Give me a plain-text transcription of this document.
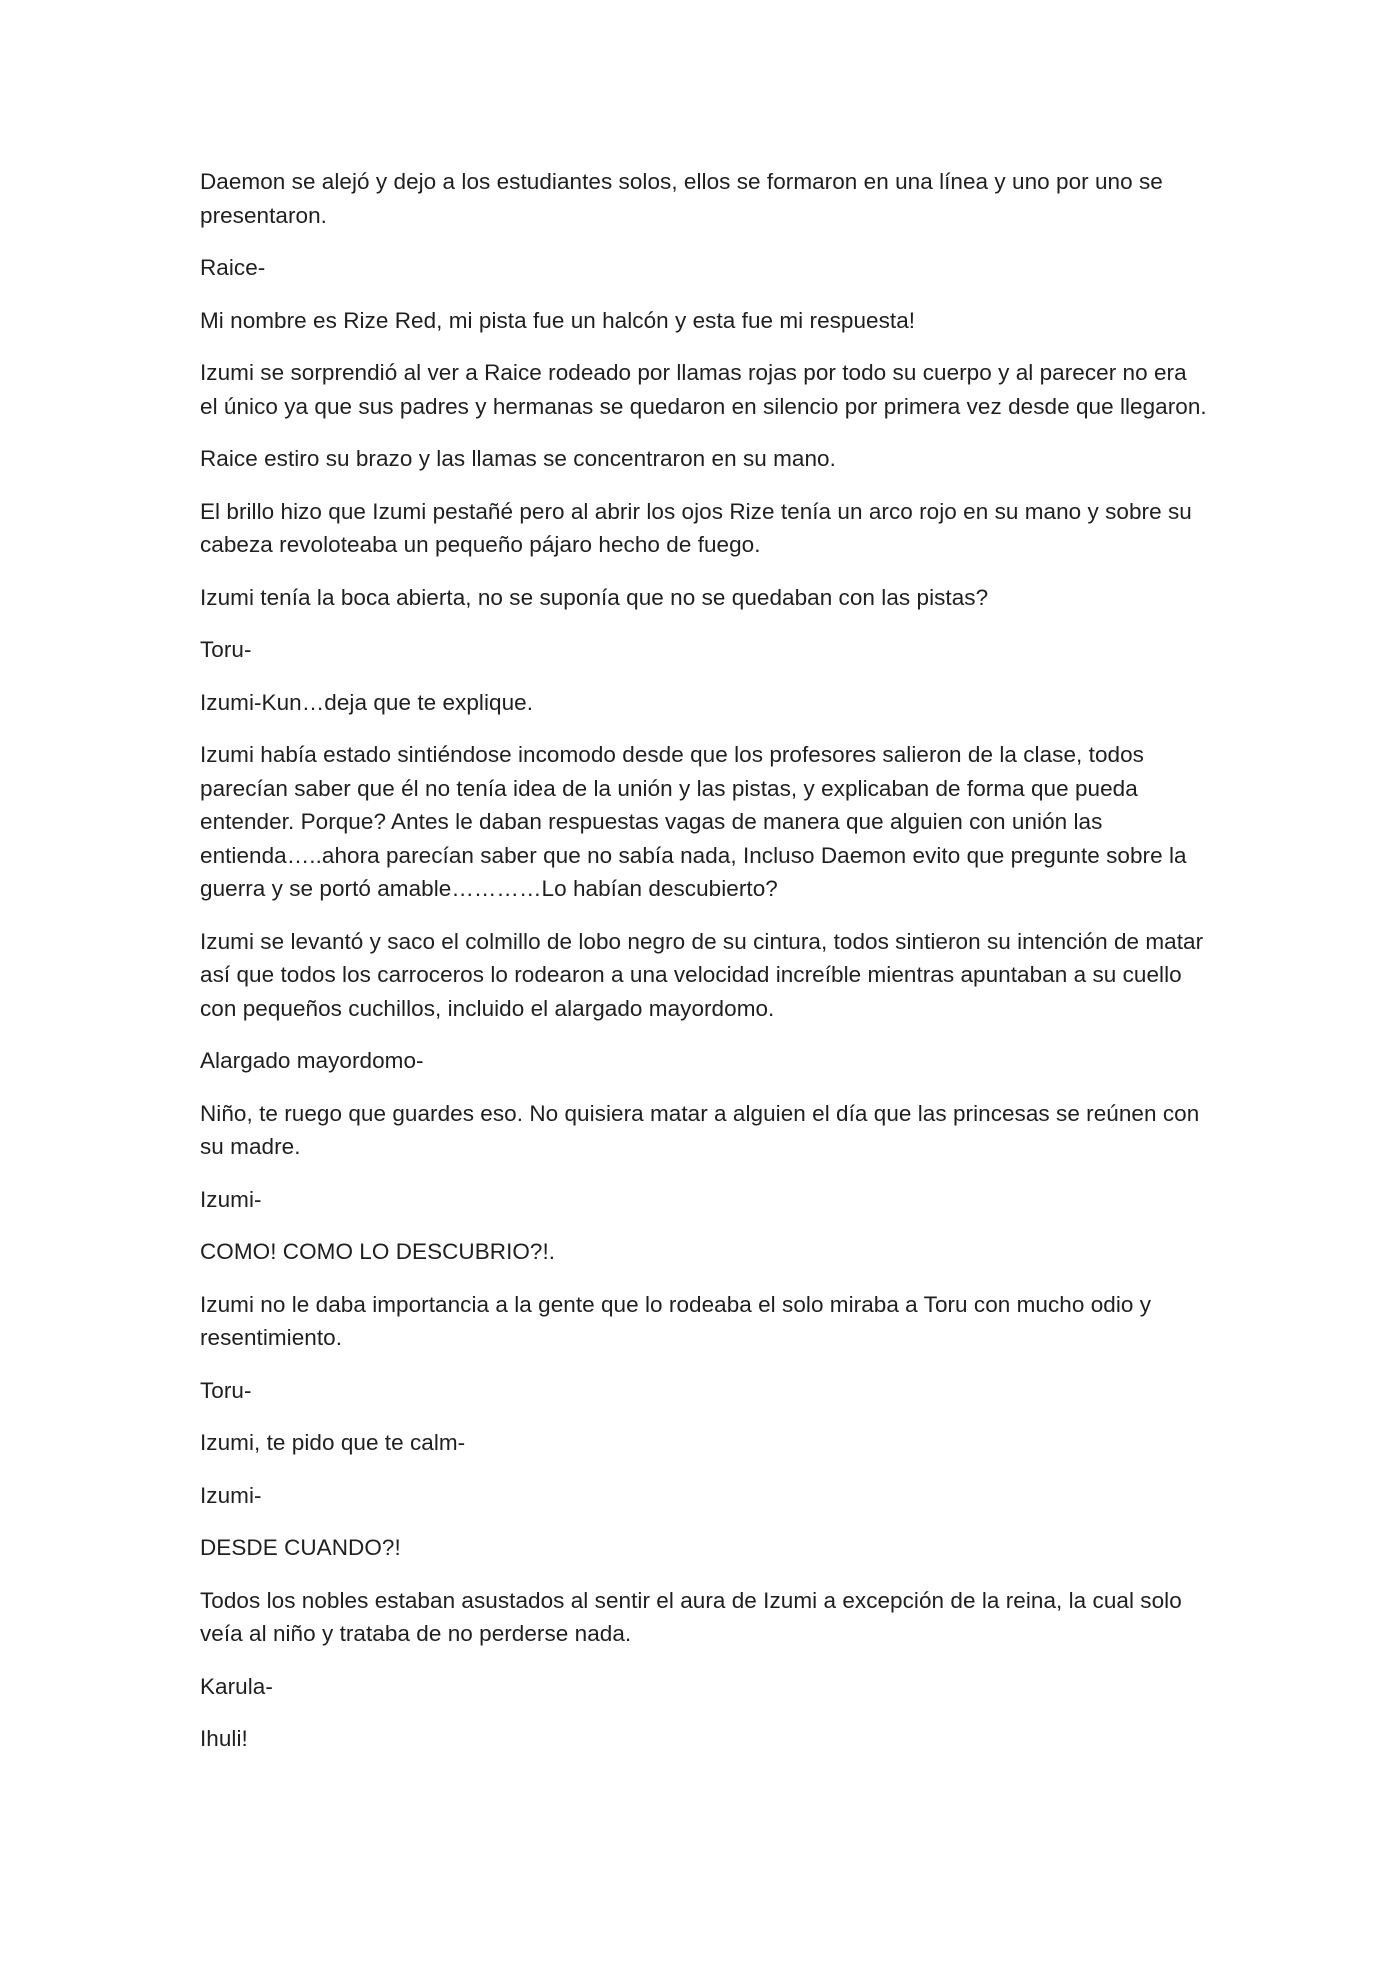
Daemon se alejó y dejo a los estudiantes solos, ellos se formaron en una línea y uno por uno se presentaron.

Raice-

Mi nombre es Rize Red, mi pista fue un halcón y esta fue mi respuesta!

Izumi se sorprendió al ver a Raice rodeado por llamas rojas por todo su cuerpo y al parecer no era el único ya que sus padres y hermanas se quedaron en silencio por primera vez desde que llegaron.

Raice estiro su brazo y las llamas se concentraron en su mano.

El brillo hizo que Izumi pestañé pero al abrir los ojos Rize tenía un arco rojo en su mano y sobre su cabeza revoloteaba un pequeño pájaro hecho de fuego.

Izumi tenía la boca abierta, no se suponía que no se quedaban con las pistas?

Toru-

Izumi-Kun…deja que te explique.

Izumi había estado sintiéndose incomodo desde que los profesores salieron de la clase, todos parecían saber que él no tenía idea de la unión y las pistas, y explicaban de forma que pueda entender. Porque? Antes le daban respuestas vagas de manera que alguien con unión las entienda…..ahora parecían saber que no sabía nada, Incluso Daemon evito que pregunte sobre la guerra y se portó amable…………Lo habían descubierto?

Izumi se levantó y saco el colmillo de lobo negro de su cintura, todos sintieron su intención de matar así que todos los carroceros lo rodearon a una velocidad increíble mientras apuntaban a su cuello con pequeños cuchillos, incluido el alargado mayordomo.

Alargado mayordomo-

Niño, te ruego que guardes eso. No quisiera matar a alguien el día que las princesas se reúnen con su madre.

Izumi-

COMO! COMO LO DESCUBRIO?!.

Izumi no le daba importancia a la gente que lo rodeaba el solo miraba a Toru con mucho odio y resentimiento.

Toru-

Izumi, te pido que te calm-

Izumi-

DESDE CUANDO?!

Todos los nobles estaban asustados al sentir el aura de Izumi a excepción de la reina, la cual solo veía al niño y trataba de no perderse nada.

Karula-

Ihuli!
